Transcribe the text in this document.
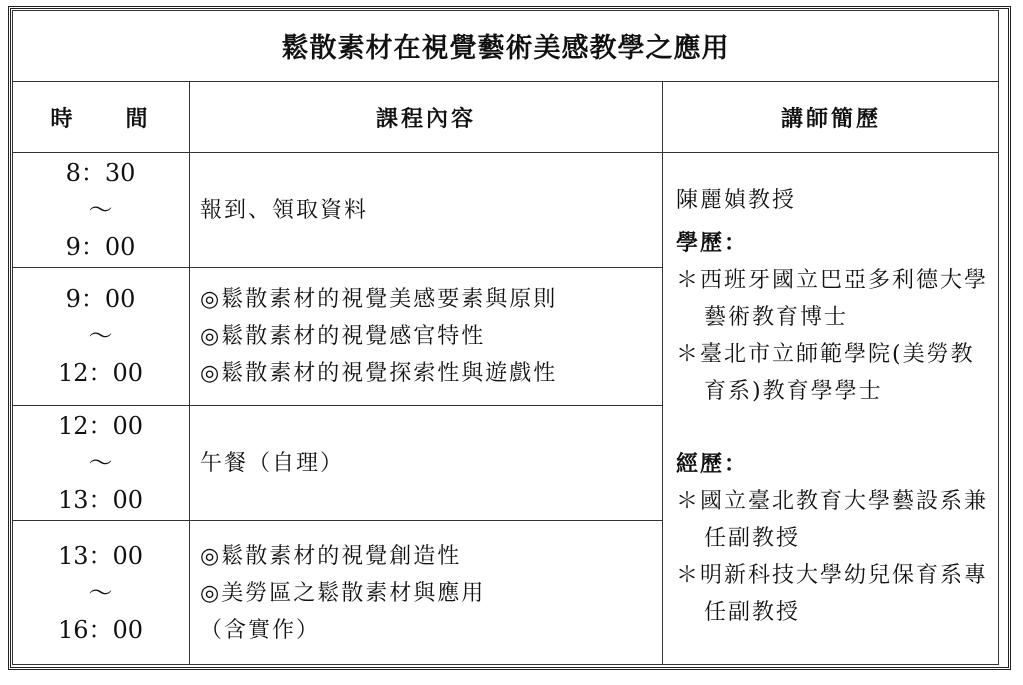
鬆散素材在視覺藝術美感教學之應用
時　　間	課程內容	講師簡歷
8：30
～
9：00
報到、領取資料
9：00
～
12：00
◎鬆散素材的視覺美感要素與原則
◎鬆散素材的視覺感官特性
◎鬆散素材的視覺探索性與遊戲性
12：00
～
13：00
午餐（自理）
13：00
～
16：00
◎鬆散素材的視覺創造性
◎美勞區之鬆散素材與應用
（含實作）
陳麗媜教授
學歷：
＊西班牙國立巴亞多利德大學藝術教育博士
＊臺北市立師範學院(美勞教育系)教育學學士
經歷：
＊國立臺北教育大學藝設系兼任副教授
＊明新科技大學幼兒保育系專任副教授
